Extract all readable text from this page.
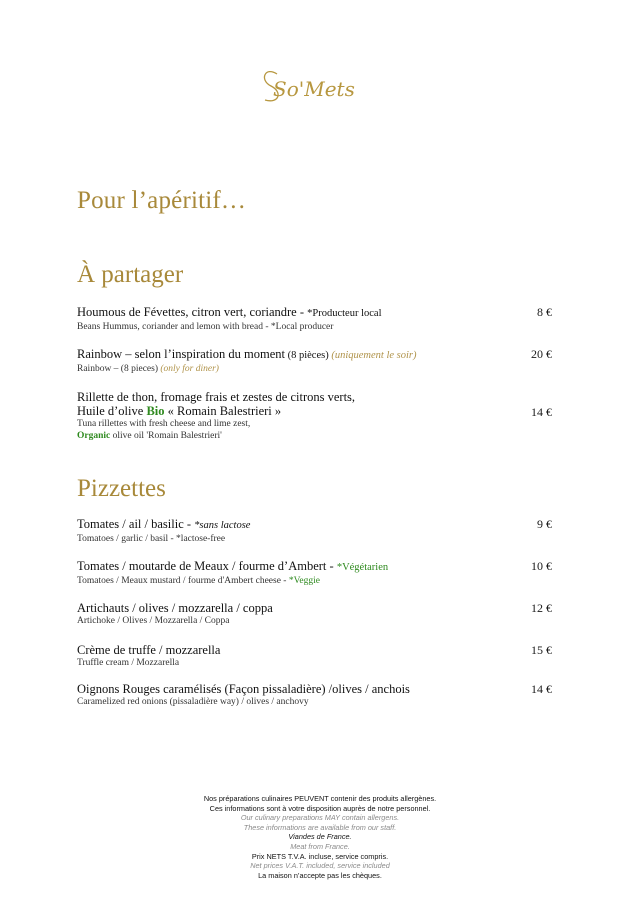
So'Mets
Pour l’apéritif…
À partager
Houmous de Févettes, citron vert, coriandre - *Producteur local
Beans Hummus, coriander and lemon with bread - *Local producer
8 €
Rainbow – selon l’inspiration du moment (8 pièces) (uniquement le soir)
Rainbow – (8 pieces) (only for diner)
20 €
Rillette de thon, fromage frais et zestes de citrons verts,
Huile d’olive Bio « Romain Balestrieri »
Tuna rillettes with fresh cheese and lime zest,
Organic olive oil 'Romain Balestrieri'
14 €
Pizzettes
Tomates / ail / basilic - *sans lactose
Tomatoes / garlic / basil - *lactose-free
9 €
Tomates / moutarde de Meaux / fourme d’Ambert - *Végétarien
Tomatoes / Meaux mustard / fourme d'Ambert cheese - *Veggie
10 €
Artichauts / olives / mozzarella / coppa
Artichoke / Olives / Mozzarella / Coppa
12 €
Crème de truffe / mozzarella
Truffle cream / Mozzarella
15 €
Oignons Rouges caramélisés (Façon pissaladière) /olives / anchois
Caramelized red onions (pissaladière way) / olives / anchovy
14 €
Nos préparations culinaires PEUVENT contenir des produits allergènes.
Ces informations sont à votre disposition auprès de notre personnel.
Our culinary preparations MAY contain allergens.
These informations are available from our staff.
Viandes de France.
Meat from France.
Prix NETS T.V.A. incluse, service compris.
Net prices V.A.T. included, service included
La maison n’accepte pas les chèques.
